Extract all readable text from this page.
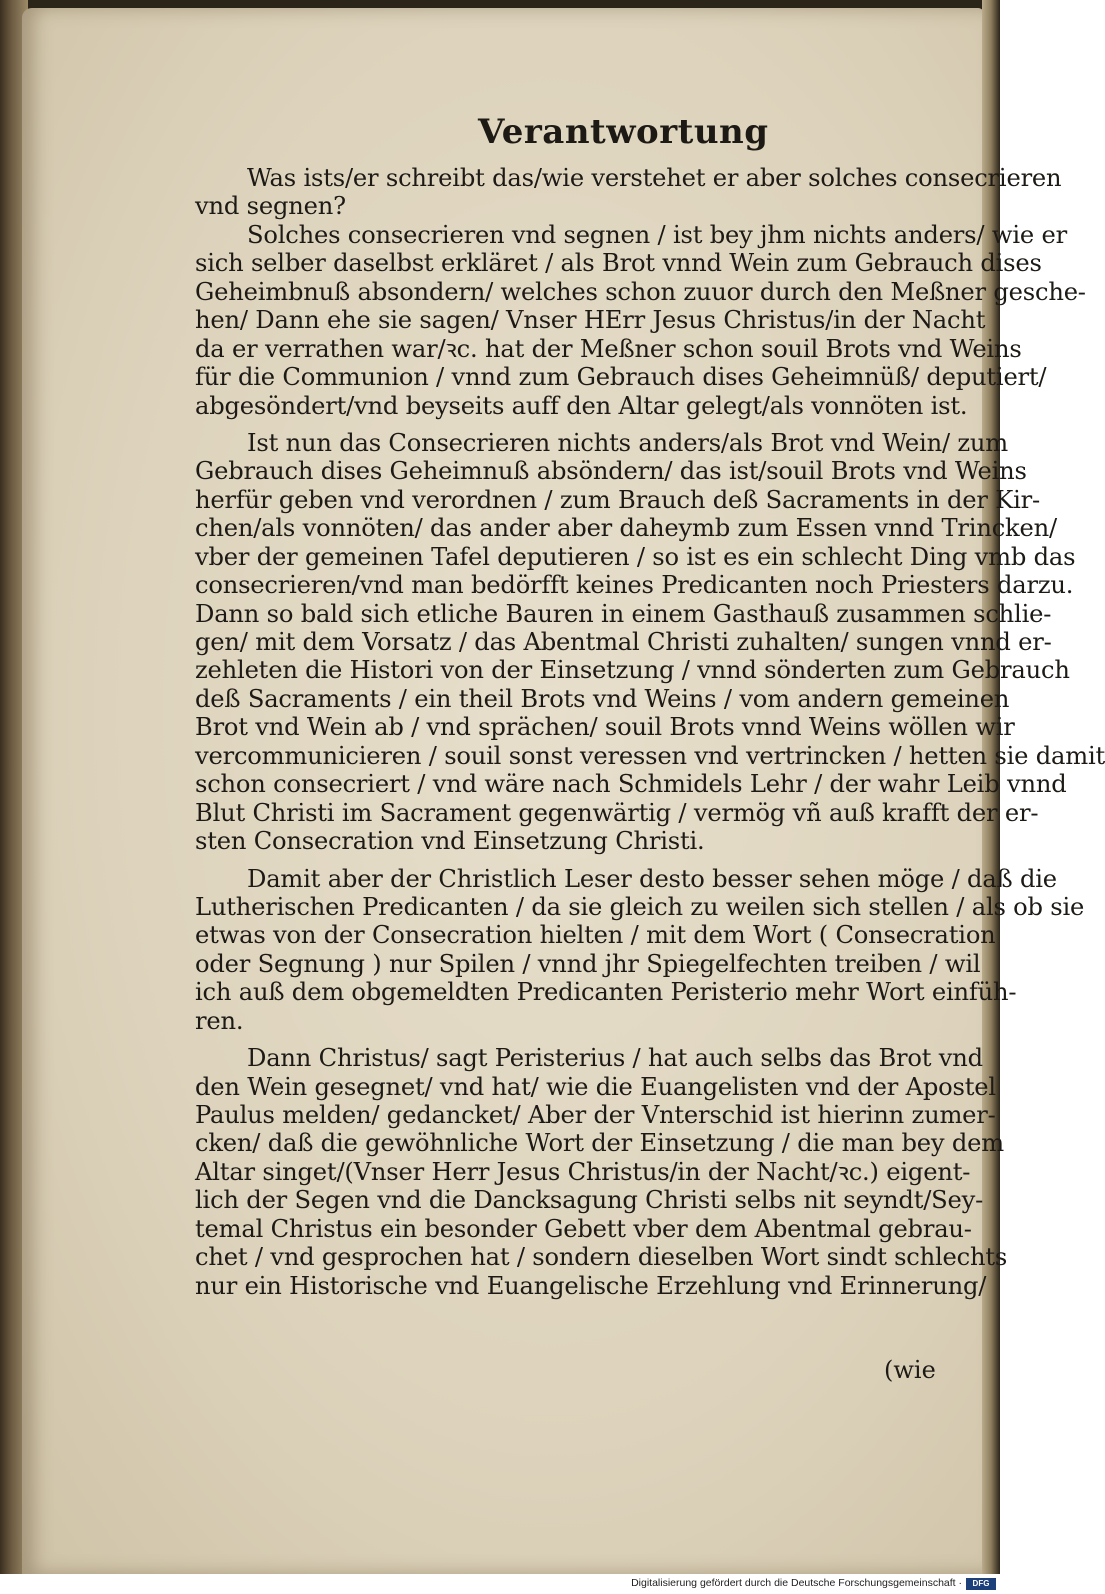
Verantwortung
Was ists/er schreibt das/wie verstehet er aber solches consecrieren
vnd segnen?
Solches consecrieren vnd segnen / ist bey jhm nichts anders/ wie er
sich selber daselbst erkläret / als Brot vnnd Wein zum Gebrauch dises
Geheimbnuß absondern/ welches schon zuuor durch den Meßner gesche-
hen/ Dann ehe sie sagen/ Vnser HErr Jesus Christus/in der Nacht
da er verrathen war/ꝛc. hat der Meßner schon souil Brots vnd Weins
für die Communion / vnnd zum Gebrauch dises Geheimnüß/ deputiert/
abgesöndert/vnd beyseits auff den Altar gelegt/als vonnöten ist.
Ist nun das Consecrieren nichts anders/als Brot vnd Wein/ zum
Gebrauch dises Geheimnuß absöndern/ das ist/souil Brots vnd Weins
herfür geben vnd verordnen / zum Brauch deß Sacraments in der Kir-
chen/als vonnöten/ das ander aber daheymb zum Essen vnnd Trincken/
vber der gemeinen Tafel deputieren / so ist es ein schlecht Ding vmb das
consecrieren/vnd man bedörfft keines Predicanten noch Priesters darzu.
Dann so bald sich etliche Bauren in einem Gasthauß zusammen schlie-
gen/ mit dem Vorsatz / das Abentmal Christi zuhalten/ sungen vnnd er-
zehleten die Histori von der Einsetzung / vnnd sönderten zum Gebrauch
deß Sacraments / ein theil Brots vnd Weins / vom andern gemeinen
Brot vnd Wein ab / vnd sprächen/ souil Brots vnnd Weins wöllen wir
vercommunicieren / souil sonst veressen vnd vertrincken / hetten sie damit
schon consecriert / vnd wäre nach Schmidels Lehr / der wahr Leib vnnd
Blut Christi im Sacrament gegenwärtig / vermög vñ auß krafft der er-
sten Consecration vnd Einsetzung Christi.
Damit aber der Christlich Leser desto besser sehen möge / daß die
Lutherischen Predicanten / da sie gleich zu weilen sich stellen / als ob sie
etwas von der Consecration hielten / mit dem Wort ( Consecration
oder Segnung ) nur Spilen / vnnd jhr Spiegelfechten treiben / wil
ich auß dem obgemeldten Predicanten Peristerio mehr Wort einfüh-
ren.
Dann Christus/ sagt Peristerius / hat auch selbs das Brot vnd
den Wein gesegnet/ vnd hat/ wie die Euangelisten vnd der Apostel
Paulus melden/ gedancket/ Aber der Vnterschid ist hierinn zumer-
cken/ daß die gewöhnliche Wort der Einsetzung / die man bey dem
Altar singet/(Vnser Herr Jesus Christus/in der Nacht/ꝛc.) eigent-
lich der Segen vnd die Dancksagung Christi selbs nit seyndt/Sey-
temal Christus ein besonder Gebett vber dem Abentmal gebrau-
chet / vnd gesprochen hat / sondern dieselben Wort sindt schlechts
nur ein Historische vnd Euangelische Erzehlung vnd Erinnerung/
(wie
Digitalisierung gefördert durch die Deutsche Forschungsgemeinschaft ·	DFG
